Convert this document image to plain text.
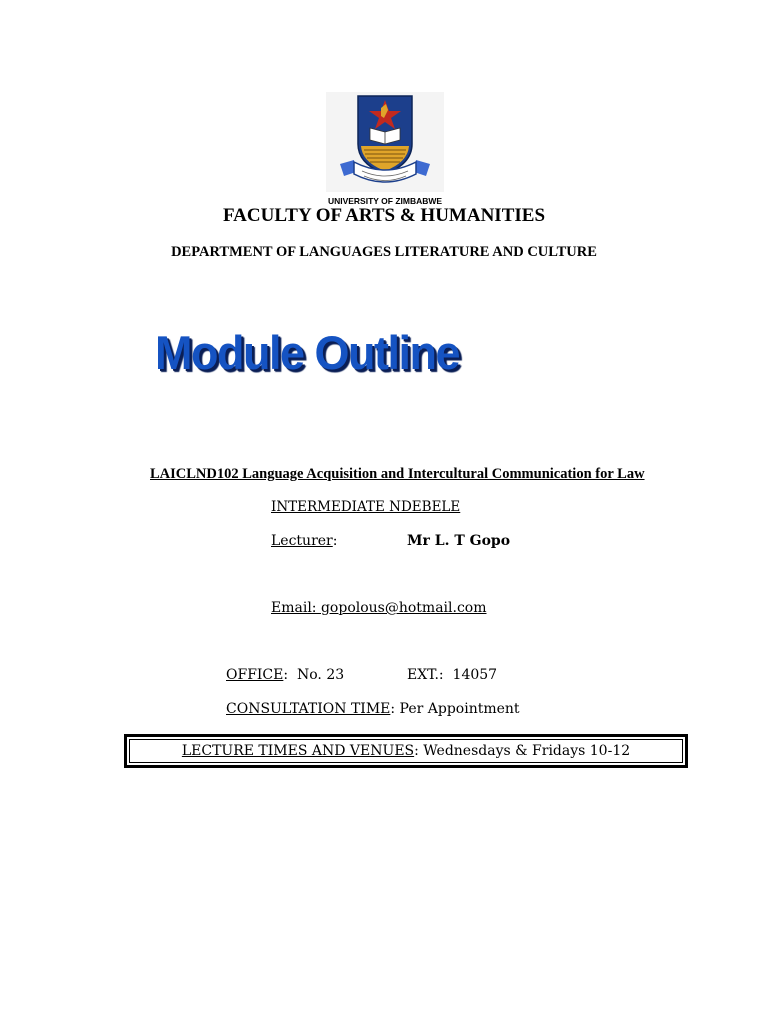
UNIVERSITY OF ZIMBABWE
FACULTY OF ARTS & HUMANITIES
DEPARTMENT OF LANGUAGES LITERATURE AND CULTURE
Module Outline
LAICLND102 Language Acquisition and Intercultural Communication for Law
INTERMEDIATE NDEBELE
Lecturer:	Mr L. T Gopo
Email: gopolous@hotmail.com
OFFICE:  No. 23	EXT.:  14057
CONSULTATION TIME: Per Appointment
LECTURE TIMES AND VENUES: Wednesdays & Fridays 10-12
